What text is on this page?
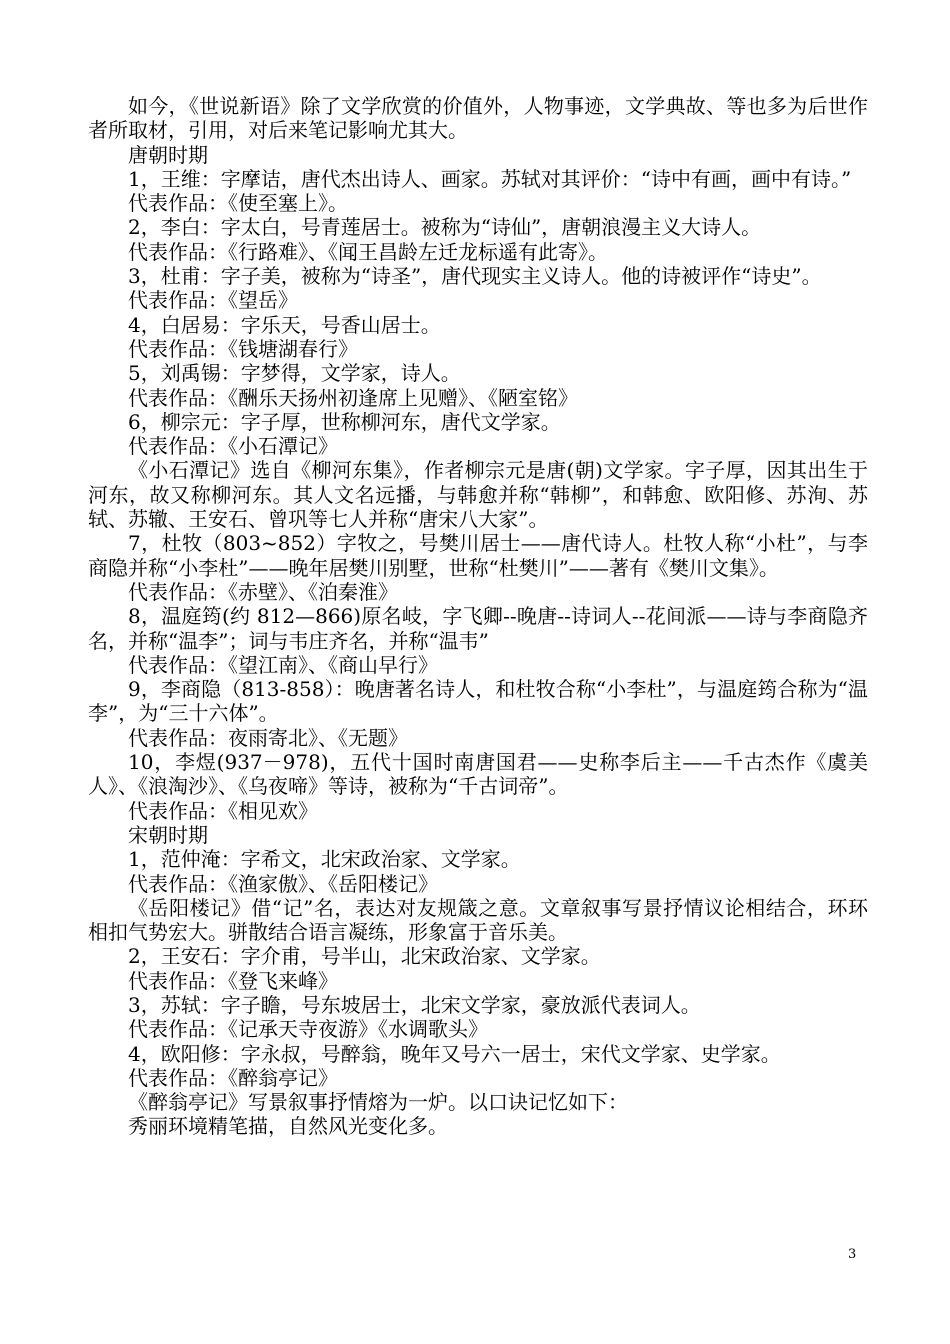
如今，《世说新语》除了文学欣赏的价值外，人物事迹，文学典故、等也多为后世作者所取材，引用，对后来笔记影响尤其大。

唐朝时期

1，王维：字摩诘，唐代杰出诗人、画家。苏轼对其评价：“诗中有画，画中有诗。”

代表作品：《使至塞上》。

2，李白：字太白，号青莲居士。被称为“诗仙”，唐朝浪漫主义大诗人。

代表作品：《行路难》、《闻王昌龄左迁龙标遥有此寄》。

3，杜甫：字子美，被称为“诗圣”，唐代现实主义诗人。他的诗被评作“诗史”。

代表作品：《望岳》

4，白居易：字乐天，号香山居士。

代表作品：《钱塘湖春行》

5，刘禹锡：字梦得，文学家，诗人。

代表作品：《酬乐天扬州初逢席上见赠》、《陋室铭》

6，柳宗元：字子厚，世称柳河东，唐代文学家。

代表作品：《小石潭记》

《小石潭记》选自《柳河东集》，作者柳宗元是唐(朝)文学家。字子厚，因其出生于河东，故又称柳河东。其人文名远播，与韩愈并称“韩柳”，和韩愈、欧阳修、苏洵、苏轼、苏辙、王安石、曾巩等七人并称“唐宋八大家”。

7，杜牧（803~852）字牧之，号樊川居士——唐代诗人。杜牧人称“小杜”，与李商隐并称“小李杜”——晚年居樊川别墅，世称“杜樊川”——著有《樊川文集》。

代表作品：《赤壁》、《泊秦淮》

8，温庭筠(约 812—866)原名岐，字飞卿--晚唐--诗词人--花间派——诗与李商隐齐名，并称“温李”；词与韦庄齐名，并称“温韦”

代表作品：《望江南》、《商山早行》

9，李商隐（813-858）：晚唐著名诗人，和杜牧合称“小李杜”，与温庭筠合称为“温李”，为“三十六体”。

代表作品：夜雨寄北》、《无题》

10，李煜(937－978)，五代十国时南唐国君——史称李后主——千古杰作《虞美人》、《浪淘沙》、《乌夜啼》等诗，被称为“千古词帝”。

代表作品：《相见欢》

宋朝时期

1，范仲淹：字希文，北宋政治家、文学家。

代表作品：《渔家傲》、《岳阳楼记》

《岳阳楼记》借“记”名，表达对友规箴之意。文章叙事写景抒情议论相结合，环环相扣气势宏大。骈散结合语言凝练，形象富于音乐美。

2，王安石：字介甫，号半山，北宋政治家、文学家。

代表作品：《登飞来峰》

3，苏轼：字子瞻，号东坡居士，北宋文学家，豪放派代表词人。

代表作品：《记承天寺夜游》《水调歌头》

4，欧阳修：字永叔，号醉翁，晚年又号六一居士，宋代文学家、史学家。

代表作品：《醉翁亭记》

《醉翁亭记》写景叙事抒情熔为一炉。以口诀记忆如下：

秀丽环境精笔描，自然风光变化多。

3
